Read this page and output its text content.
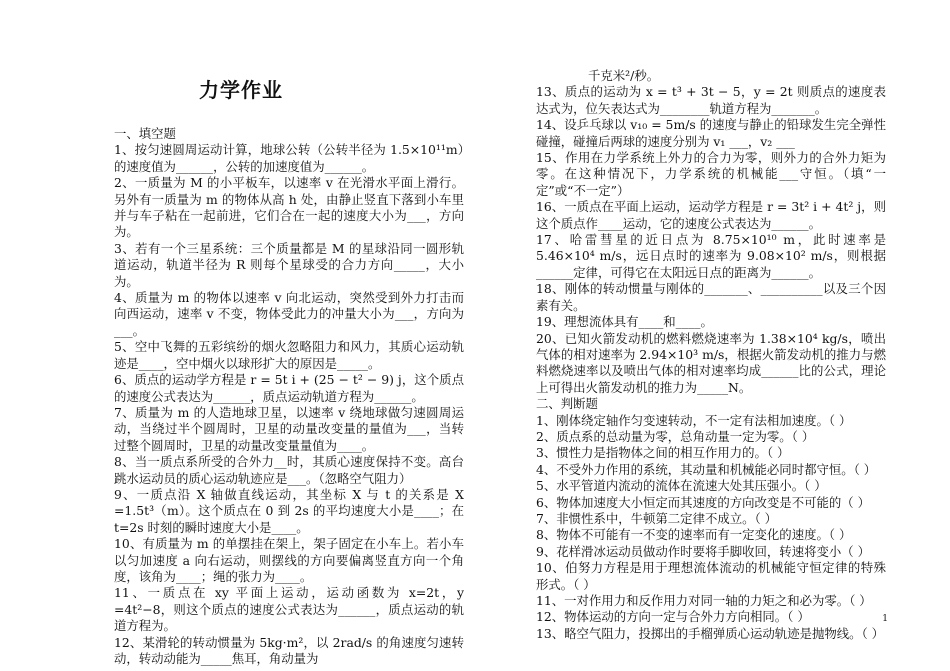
力学作业

一、填空题

1、按匀速圆周运动计算，地球公转（公转半径为 1.5×10¹¹m）的速度值为______，公转的加速度值为______。

2、一质量为 M 的小平板车，以速率 v 在光滑水平面上滑行。另外有一质量为 m 的物体从高 h 处，由静止竖直下落到小车里并与车子粘在一起前进，它们合在一起的速度大小为___，方向为。

3、若有一个三星系统：三个质量都是 M 的星球沿同一圆形轨道运动，轨道半径为 R 则每个星球受的合力方向_____，大小为。

4、质量为 m 的物体以速率 v 向北运动，突然受到外力打击而向西运动，速率 v 不变，物体受此力的冲量大小为___，方向为___。

5、空中飞舞的五彩缤纷的烟火忽略阻力和风力，其质心运动轨迹是____，空中烟火以球形扩大的原因是_____。

6、质点的运动学方程是 r = 5t i + (25 − t² − 9) j，这个质点的速度公式表达为______，质点运动轨道方程为______。

7、质量为 m 的人造地球卫星，以速率 v 绕地球做匀速圆周运动，当绕过半个圆周时，卫星的动量改变量的量值为___，当转过整个圆周时，卫星的动量改变量量值为____。

8、当一质点系所受的合外力__时，其质心速度保持不变。高台跳水运动员的质心运动轨迹应是___。（忽略空气阻力）

9、一质点沿 X 轴做直线运动，其坐标 X 与 t 的关系是 X =1.5t³（m）。这个质点在 0 到 2s 的平均速度大小是____；在 t=2s 时刻的瞬时速度大小是____。

10、有质量为 m 的单摆挂在架上，架子固定在小车上。若小车以匀加速度 a 向右运动，则摆线的方向要偏离竖直方向一个角度，该角为____；绳的张力为____。

11、一质点在 xy 平面上运动，运动函数为 x=2t，y =4t²−8，则这个质点的速度公式表达为______，质点运动的轨道方程为。

12、某滑轮的转动惯量为 5kg·m²，以 2rad/s 的角速度匀速转动，转动动能为_____焦耳，角动量为

千克米²/秒。

13、质点的运动为 x = t³ + 3t − 5，y = 2t 则质点的速度表达式为，位矢表达式为________轨道方程为_______。

14、设乒乓球以 v₁₀ = 5m/s 的速度与静止的铅球发生完全弹性碰撞，碰撞后两球的速度分别为 v₁ ___，v₂ ___

15、作用在力学系统上外力的合力为零，则外力的合外力矩为零。在这种情况下，力学系统的机械能___守恒。（填“一定”或“不一定”）

16、一质点在平面上运动，运动学方程是 r = 3t² i + 4t² j，则这个质点作____运动，它的速度公式表达为______。

17、哈雷彗星的近日点为 8.75×10¹⁰ m，此时速率是 5.46×10⁴ m/s，远日点时的速率为 9.08×10² m/s，则根据______定律，可得它在太阳远日点的距离为______。

18、刚体的转动惯量与刚体的_______、__________以及三个因素有关。

19、理想流体具有____和____。

20、已知火箭发动机的燃料燃烧速率为 1.38×10⁴ kg/s，喷出气体的相对速率为 2.94×10³ m/s，根据火箭发动机的推力与燃料燃烧速率以及喷出气体的相对速率均成______比的公式，理论上可得出火箭发动机的推力为_____N。

二、判断题

1、刚体绕定轴作匀变速转动，不一定有法相加速度。（ ）

2、质点系的总动量为零，总角动量一定为零。（ ）

3、惯性力是指物体之间的相互作用力的。（ ）

4、不受外力作用的系统，其动量和机械能必同时都守恒。（ ）

5、水平管道内流动的流体在流速大处其压强小。（ ）

6、物体加速度大小恒定而其速度的方向改变是不可能的（ ）

7、非惯性系中，牛顿第二定律不成立。（ ）

8、物体不可能有一不变的速率而有一定变化的速度。（ ）

9、花样滑冰运动员做动作时要将手脚收回，转速将变小（ ）

10、伯努力方程是用于理想流体流动的机械能守恒定律的特殊形式。（ ）

11、一对作用力和反作用力对同一轴的力矩之和必为零。（ ）

12、物体运动的方向一定与合外力方向相同。（ ）

13、略空气阻力，投掷出的手榴弹质心运动轨迹是抛物线。（ ）

1
